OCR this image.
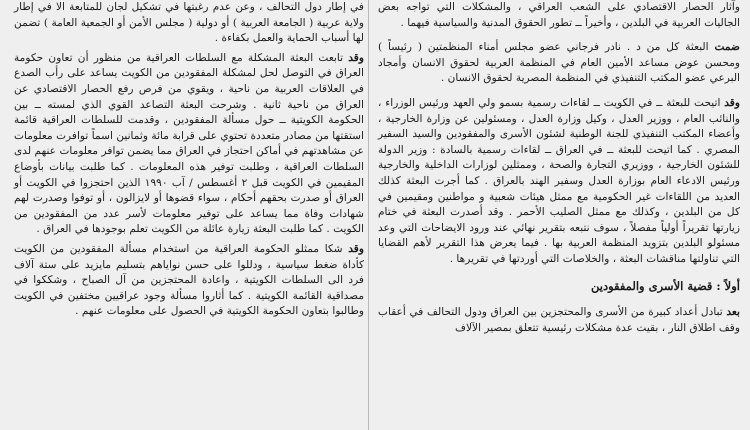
وآثار الحصار الاقتصادي على الشعب العراقي ، والمشكلات التي تواجه بعض الجاليات العربية في البلدين ، وأخيراً ــ تطور الحقوق المدنية والسياسية فيهما .

ضمت البعثة كل من د . نادر فرجاني عضو مجلس أمناء المنظمتين ( رئيساً ) ومحسن عوض مساعد الأمين العام في المنظمة العربية لحقوق الانسان وأمجاد البرعي عضو المكتب التنفيذي في المنظمة المصرية لحقوق الانسان .

وقد اتيحت للبعثة ــ في الكويت ــ لقاءات رسمية بسمو ولي العهد ورئيس الوزراء ، والنائب العام ، ووزير العدل ، وكيل وزارة العدل ، ومسئولين عن وزارة الخارجية ، وأعضاء المكتب التنفيذي للجنة الوطنية لشئون الأسرى والمفقودين والسيد السفير المصري . كما اتيحت للبعثة ــ في العراق ــ لقاءات رسمية بالسادة : وزير الدولة للشئون الخارجية ، ووزيري التجارة والصحة ، وممثلين لوزارات الداخلية والخارجية ورئيس الادعاء العام بوزارة العدل وسفير الهند بالعراق . كما أجرت البعثة كذلك العديد من اللقاءات غير الحكومية مع ممثل هيئات شعبية و مواطنين ومقيمين في كل من البلدين ، وكذلك مع ممثل الصليب الأحمر . وقد أصدرت البعثة في ختام زيارتها تقريراً أولياً مفصلاً ، سوف نتبعه بتقرير نهائي عند ورود الايضاحات التي وعد مسئولو البلدين بتزويد المنظمة العربية بها . فيما يعرض هذا التقرير لأهم القضايا التي تناولتها مناقشات البعثة ، والخلاصات التي أوردتها في تقريرها .

أولاً : قضية الأسرى والمفقودين

بعد تبادل أعداد كبيرة من الأسرى والمحتجزين بين العراق ودول التحالف في أعقاب وقف اطلاق النار ، بقيت عدة مشكلات رئيسية تتعلق بمصير الآلاف

في إطار دول التحالف ، وعن عدم رغبتها في تشكيل لجان للمتابعة الا في إطار ولاية عربية ( الجامعة العربية ) أو دولية ( مجلس الأمن أو الجمعية العامة ) تضمن لها أسباب الحماية والعمل بكفاءة .

وقد تابعت البعثة المشكلة مع السلطات العراقية من منظور أن تعاون حكومة العراق في التوصل لحل لمشكلة المفقودين من الكويت يساعد على رأب الصدع في العلاقات العربية من ناحية ، ويقوي من فرص رفع الحصار الاقتصادي عن العراق من ناحية ثانية . وشرحت البعثة التصاعد القوي الذي لمسته ــ بين الحكومة الكويتية ــ حول مسألة المفقودين ، وقدمت للسلطات العراقية قائمة استقتها من مصادر متعددة تحتوي على قرابة مائة وثمانين اسماً توافرت معلومات عن مشاهدتهم في أماكن احتجاز في العراق مما يضمن توافر معلومات عنهم لدى السلطات العراقية ، وطلبت توفير هذه المعلومات . كما طلبت بيانات بأوضاع المقيمين في الكويت قبل ٢ أغسطس / آب ١٩٩٠ الذين احتجزوا في الكويت أو العراق أو صدرت بحقهم أحكام ، سواء قضوها أو لايزالون ، أو توفوا وصدرت لهم شهادات وفاة مما يساعد على توفير معلومات لأسر عدد من المفقودين من الكويت . كما طلبت البعثة زيارة عائلة من الكويت تعلم بوجودها في العراق .

وقد شكا ممثلو الحكومة العراقية من استخدام مسألة المفقودين من الكويت كأداة ضغط سياسية ، ودللوا على حسن نواياهم بتسليم مايزيد على ستة آلاف فرد الى السلطات الكويتية ، واعادة المحتجزين من آل الصباح ، وشككوا في مصداقية القائمة الكويتية . كما أثاروا مسألة وجود عراقيين مختفين في الكويت وطالبوا بتعاون الحكومة الكويتية في الحصول على معلومات عنهم .
